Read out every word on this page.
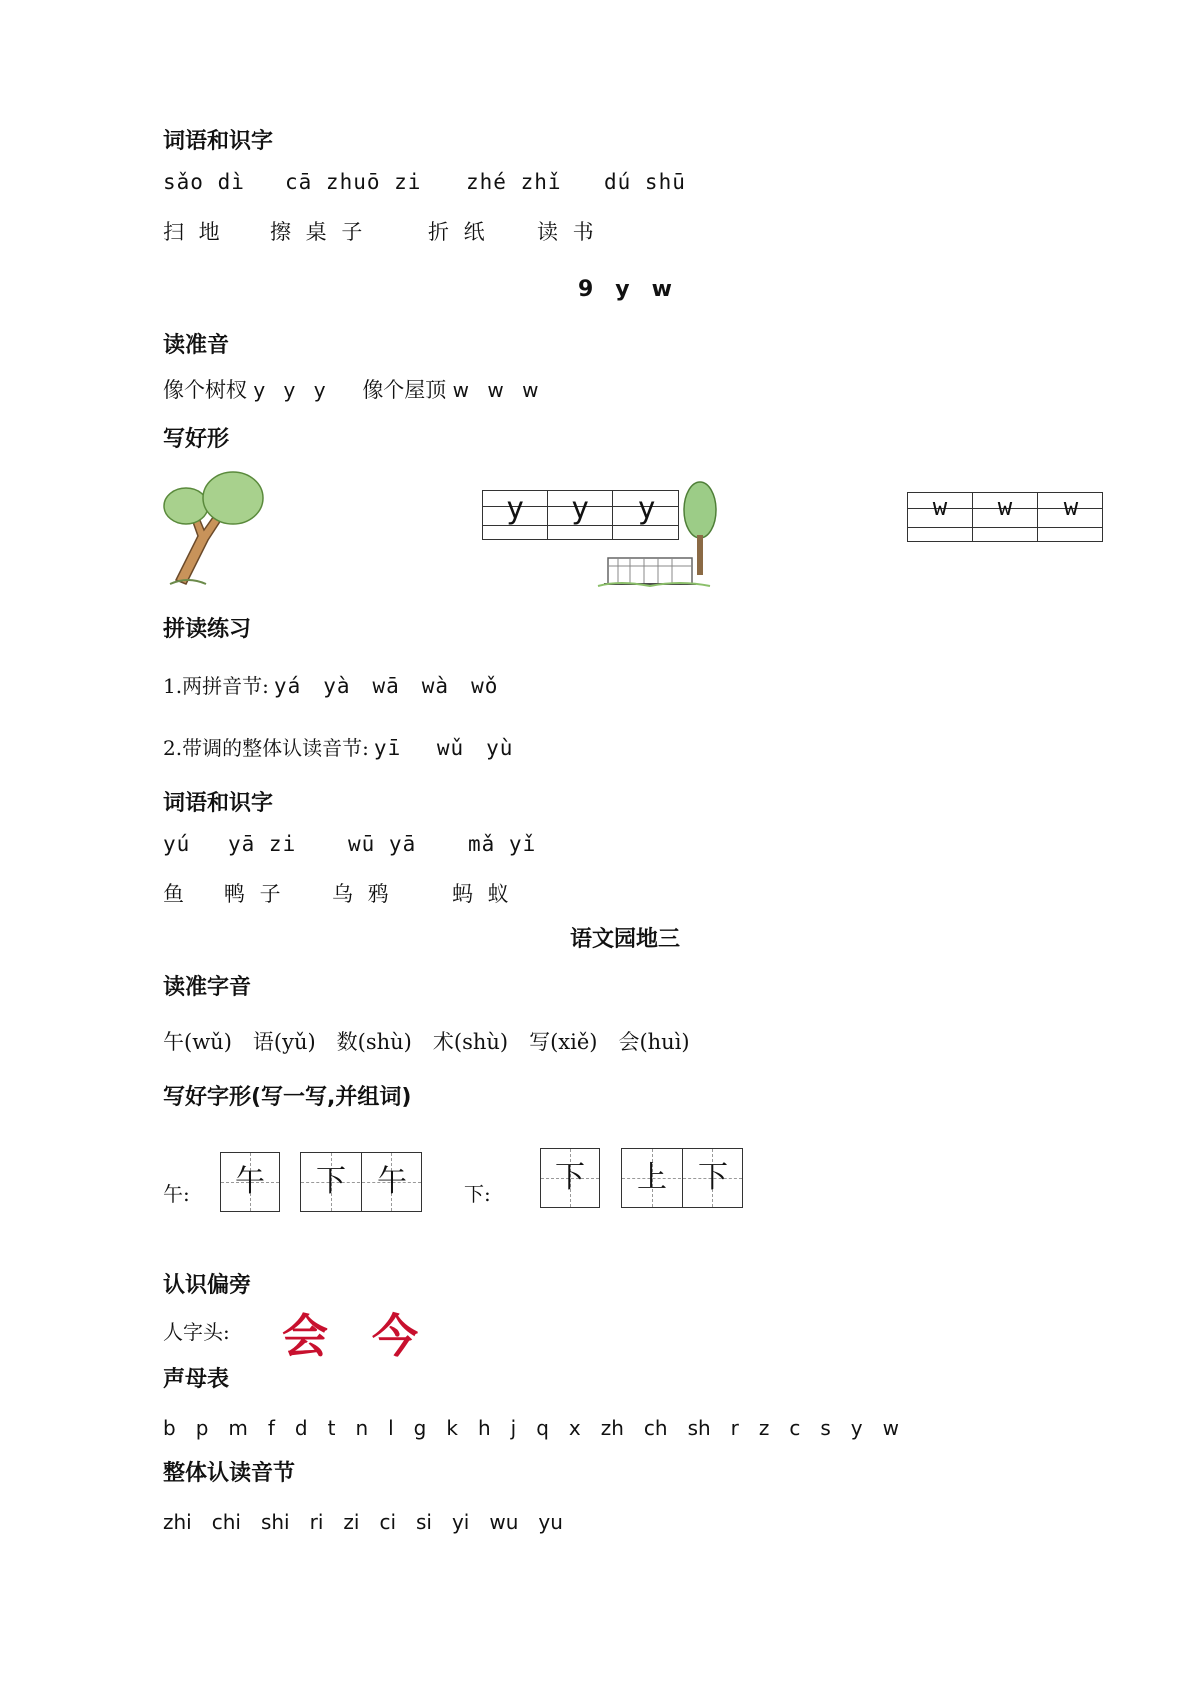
词语和识字
sǎo dì cā zhuō zi zhé zhǐ dú shū
扫 地 擦 桌 子	折 纸 读 书
9　y　w
读准音
像个树杈 y y y 像个屋顶 w w w
写好形
y	y	y	w	w	w
拼读练习
1.两拼音节: yá　yà　wā　wà　wǒ
2.带调的整体认读音节: yī　 wǔ　yù
词语和识字
yú yā zi wū yā mǎ yǐ
鱼 鸭 子 乌 鸦	蚂 蚁
语文园地三
读准字音
午(wǔ)　语(yǔ)　数(shù)　术(shù)　写(xiě)　会(huì)
写好字形(写一写,并组词)
午:	午	下	午	下:	下	上	下
认识偏旁
人字头: 会 今
声母表
b　p　m　f　d　t　n　l　g　k　h　j　q　x　zh　ch　sh　r　z　c　s　y　w
整体认读音节
zhi　chi　shi　ri　zi　ci　si　yi　wu　yu
